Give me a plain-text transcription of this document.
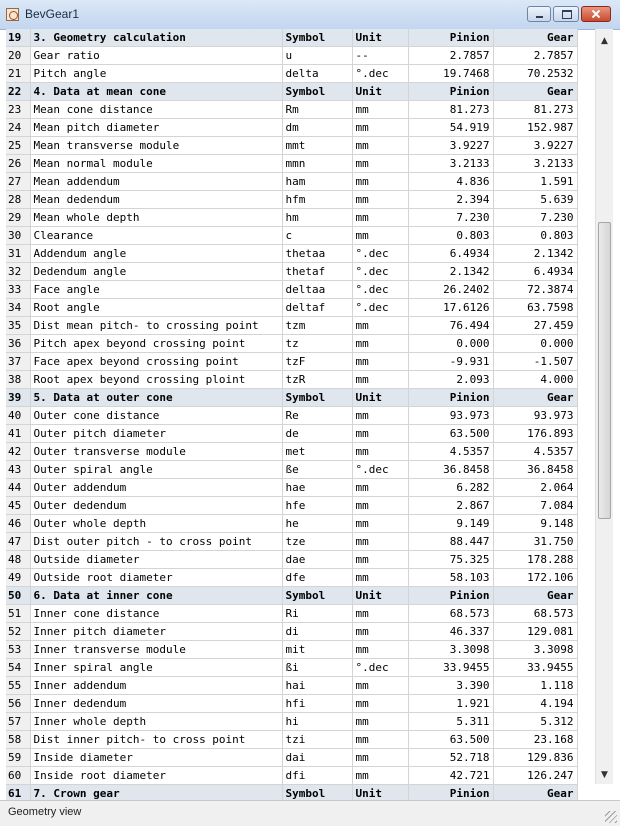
BevGear1
19	3. Geometry calculation	Symbol	Unit	Pinion	Gear
20	Gear ratio	u	--	2.7857	2.7857
21	Pitch angle	delta	°.dec	19.7468	70.2532
22	4. Data at mean cone	Symbol	Unit	Pinion	Gear
23	Mean cone distance	Rm	mm	81.273	81.273
24	Mean pitch diameter	dm	mm	54.919	152.987
25	Mean transverse module	mmt	mm	3.9227	3.9227
26	Mean normal module	mmn	mm	3.2133	3.2133
27	Mean addendum	ham	mm	4.836	1.591
28	Mean dedendum	hfm	mm	2.394	5.639
29	Mean whole depth	hm	mm	7.230	7.230
30	Clearance	c	mm	0.803	0.803
31	Addendum angle	thetaa	°.dec	6.4934	2.1342
32	Dedendum angle	thetaf	°.dec	2.1342	6.4934
33	Face angle	deltaa	°.dec	26.2402	72.3874
34	Root angle	deltaf	°.dec	17.6126	63.7598
35	Dist mean pitch- to crossing point	tzm	mm	76.494	27.459
36	Pitch apex beyond crossing point	tz	mm	0.000	0.000
37	Face apex beyond crossing point	tzF	mm	-9.931	-1.507
38	Root apex beyond crossing ploint	tzR	mm	2.093	4.000
39	5. Data at outer cone	Symbol	Unit	Pinion	Gear
40	Outer cone distance	Re	mm	93.973	93.973
41	Outer pitch diameter	de	mm	63.500	176.893
42	Outer transverse module	met	mm	4.5357	4.5357
43	Outer spiral angle	ße	°.dec	36.8458	36.8458
44	Outer addendum	hae	mm	6.282	2.064
45	Outer dedendum	hfe	mm	2.867	7.084
46	Outer whole depth	he	mm	9.149	9.148
47	Dist outer pitch - to cross point	tze	mm	88.447	31.750
48	Outside diameter	dae	mm	75.325	178.288
49	Outside root diameter	dfe	mm	58.103	172.106
50	6. Data at inner cone	Symbol	Unit	Pinion	Gear
51	Inner cone distance	Ri	mm	68.573	68.573
52	Inner pitch diameter	di	mm	46.337	129.081
53	Inner transverse module	mit	mm	3.3098	3.3098
54	Inner spiral angle	ßi	°.dec	33.9455	33.9455
55	Inner addendum	hai	mm	3.390	1.118
56	Inner dedendum	hfi	mm	1.921	4.194
57	Inner whole depth	hi	mm	5.311	5.312
58	Dist inner pitch- to cross point	tzi	mm	63.500	23.168
59	Inside diameter	dai	mm	52.718	129.836
60	Inside root diameter	dfi	mm	42.721	126.247
61	7. Crown gear	Symbol	Unit	Pinion	Gear
▲
▼
Geometry view
